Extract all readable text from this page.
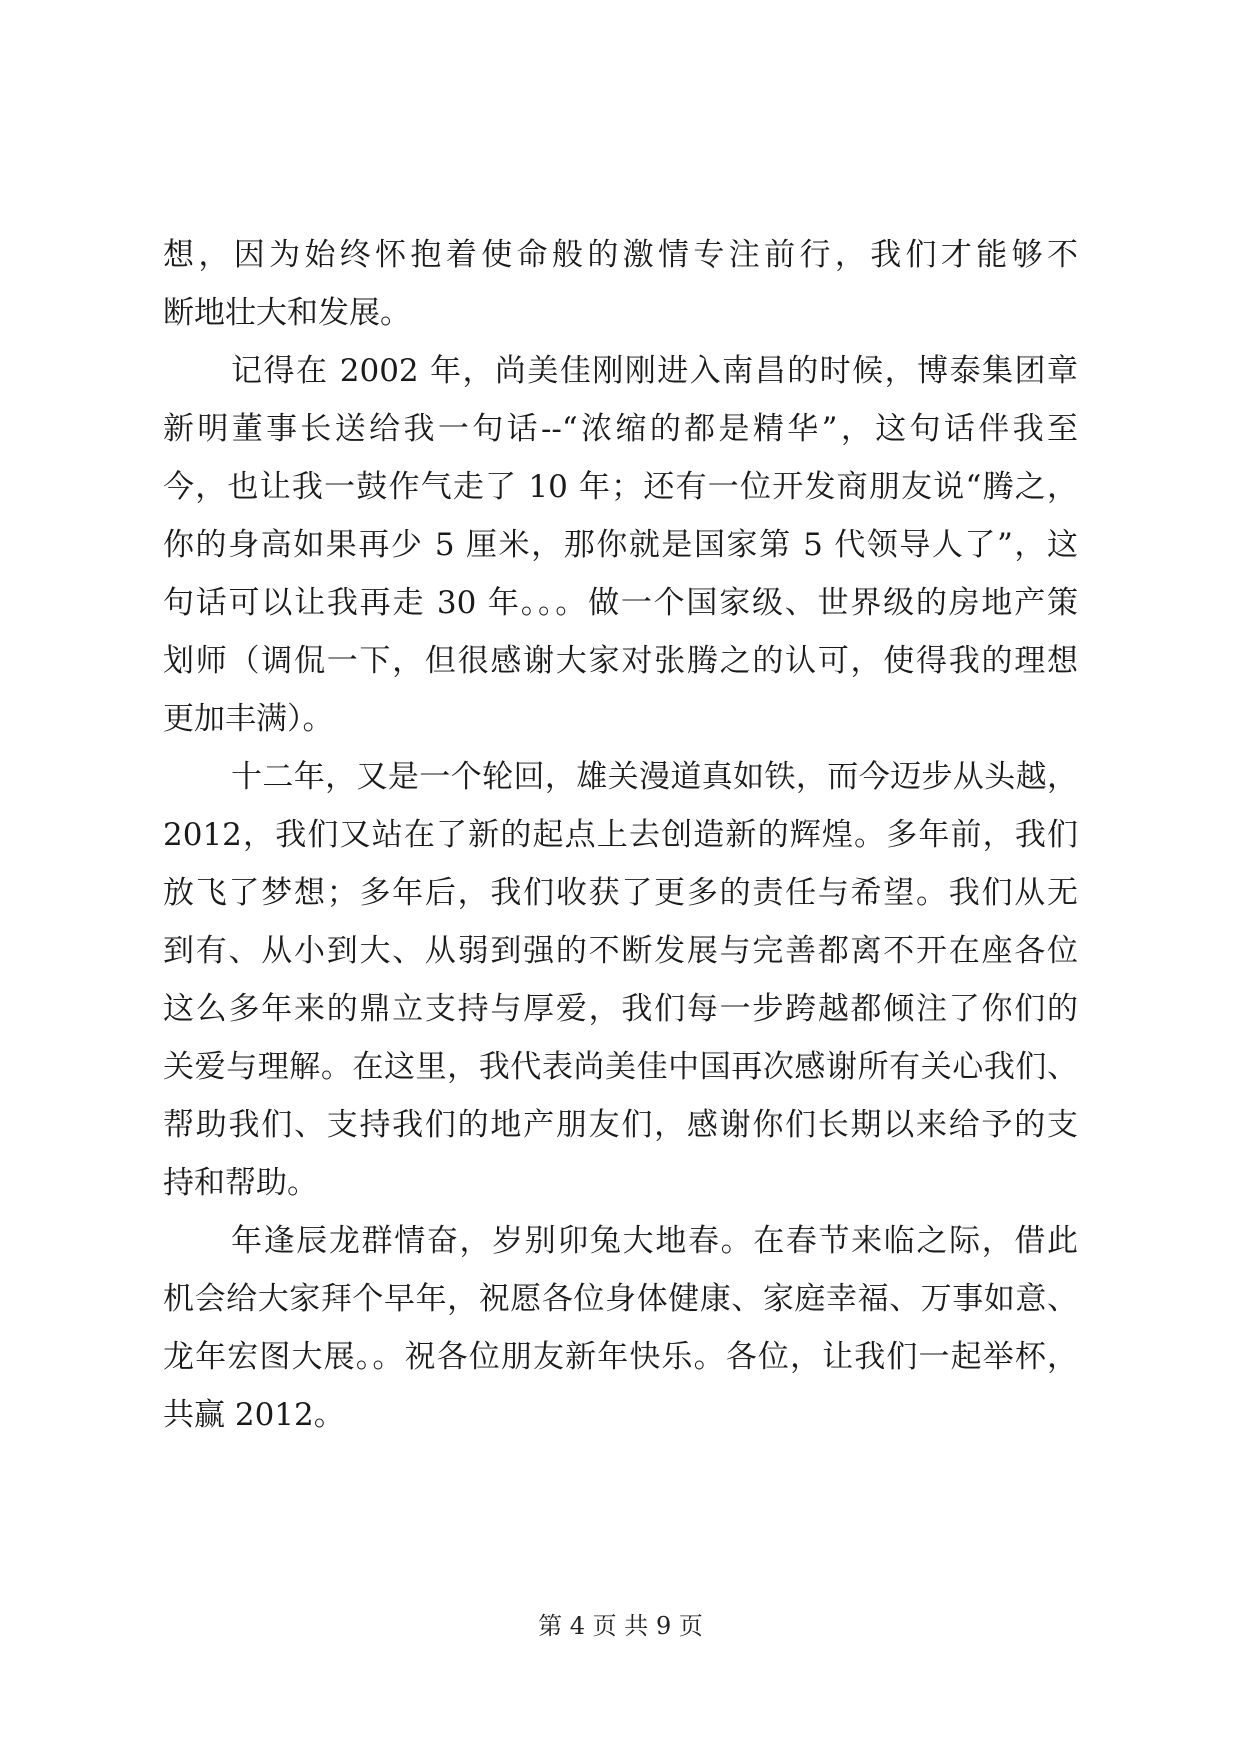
想，因为始终怀抱着使命般的激情专注前行，我们才能够不
断地壮大和发展。
记得在 2002 年，尚美佳刚刚进入南昌的时候，博泰集团章
新明董事长送给我一句话--“浓缩的都是精华”，这句话伴我至
今，也让我一鼓作气走了 10 年；还有一位开发商朋友说“腾之，
你的身高如果再少 5 厘米，那你就是国家第 5 代领导人了”，这
句话可以让我再走 30 年。。。做一个国家级、世界级的房地产策
划师（调侃一下，但很感谢大家对张腾之的认可，使得我的理想
更加丰满）。
十二年，又是一个轮回，雄关漫道真如铁，而今迈步从头越，
2012，我们又站在了新的起点上去创造新的辉煌。多年前，我们
放飞了梦想；多年后，我们收获了更多的责任与希望。我们从无
到有、从小到大、从弱到强的不断发展与完善都离不开在座各位
这么多年来的鼎立支持与厚爱，我们每一步跨越都倾注了你们的
关爱与理解。在这里，我代表尚美佳中国再次感谢所有关心我们、
帮助我们、支持我们的地产朋友们，感谢你们长期以来给予的支
持和帮助。
年逢辰龙群情奋，岁别卯兔大地春。在春节来临之际，借此
机会给大家拜个早年，祝愿各位身体健康、家庭幸福、万事如意、
龙年宏图大展。。祝各位朋友新年快乐。各位，让我们一起举杯，
共赢 2012。
第 4 页 共 9 页
